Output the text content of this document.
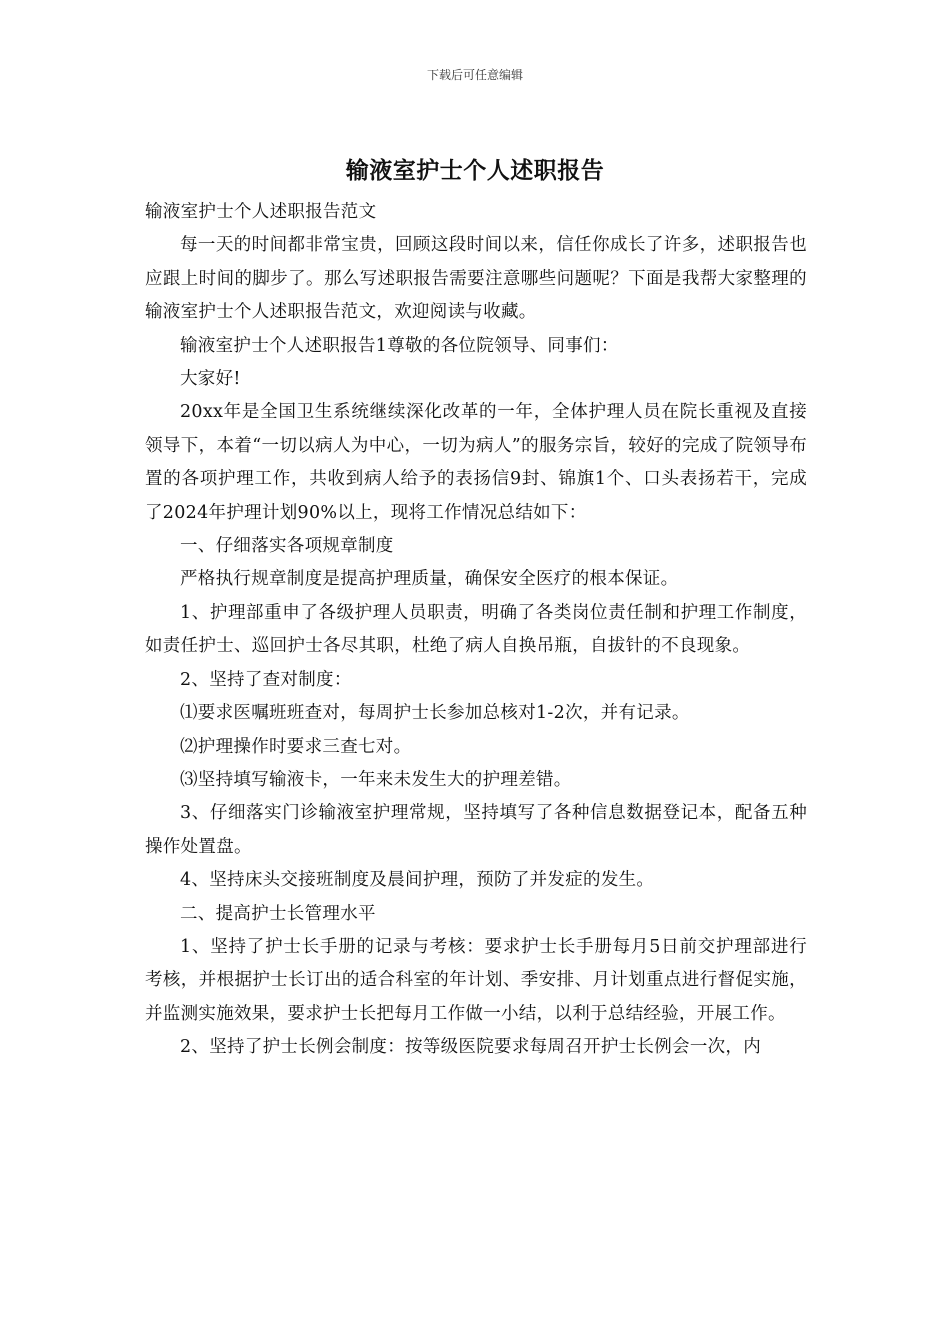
下载后可任意编辑
输液室护士个人述职报告

输液室护士个人述职报告范文

每一天的时间都非常宝贵，回顾这段时间以来，信任你成长了许多，述职报告也应跟上时间的脚步了。那么写述职报告需要注意哪些问题呢？下面是我帮大家整理的输液室护士个人述职报告范文，欢迎阅读与收藏。

输液室护士个人述职报告1尊敬的各位院领导、同事们：

大家好!

20xx年是全国卫生系统继续深化改革的一年，全体护理人员在院长重视及直接领导下，本着“一切以病人为中心，一切为病人”的服务宗旨，较好的完成了院领导布置的各项护理工作，共收到病人给予的表扬信9封、锦旗1个、口头表扬若干，完成了2024年护理计划90%以上，现将工作情况总结如下：

一、仔细落实各项规章制度

严格执行规章制度是提高护理质量，确保安全医疗的根本保证。

1、护理部重申了各级护理人员职责，明确了各类岗位责任制和护理工作制度，如责任护士、巡回护士各尽其职，杜绝了病人自换吊瓶，自拔针的不良现象。

2、坚持了查对制度：

⑴要求医嘱班班查对，每周护士长参加总核对1-2次，并有记录。

⑵护理操作时要求三查七对。

⑶坚持填写输液卡，一年来未发生大的护理差错。

3、仔细落实门诊输液室护理常规，坚持填写了各种信息数据登记本，配备五种操作处置盘。

4、坚持床头交接班制度及晨间护理，预防了并发症的发生。

二、提高护士长管理水平

1、坚持了护士长手册的记录与考核：要求护士长手册每月5日前交护理部进行考核，并根据护士长订出的适合科室的年计划、季安排、月计划重点进行督促实施，并监测实施效果，要求护士长把每月工作做一小结，以利于总结经验，开展工作。

2、坚持了护士长例会制度：按等级医院要求每周召开护士长例会一次，内
